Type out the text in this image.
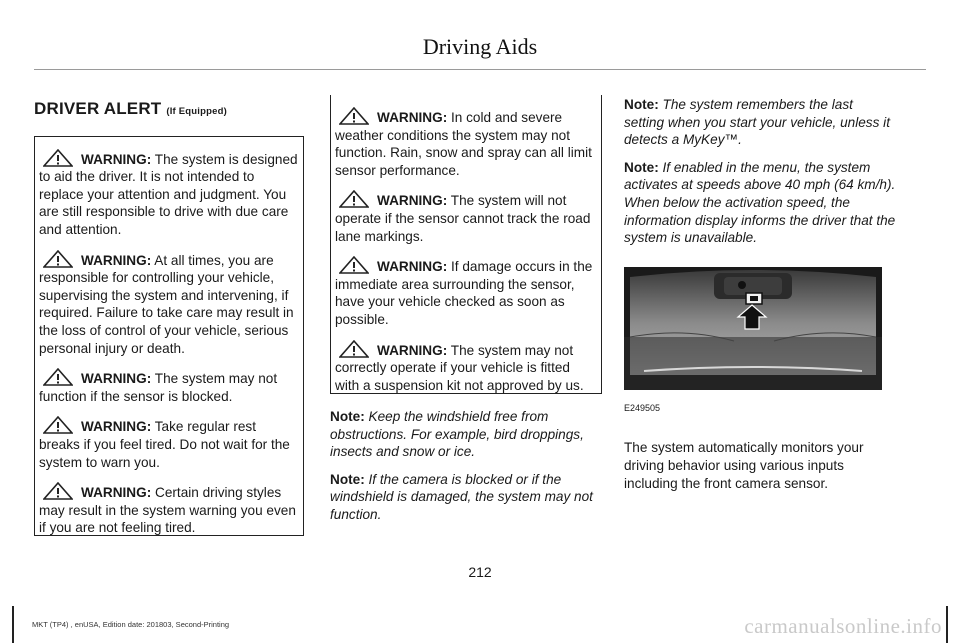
Driving Aids
DRIVER ALERT (If Equipped)

WARNING: The system is designed to aid the driver. It is not intended to replace your attention and judgment. You are still responsible to drive with due care and attention.

WARNING: At all times, you are responsible for controlling your vehicle, supervising the system and intervening, if required. Failure to take care may result in the loss of control of your vehicle, serious personal injury or death.

WARNING: The system may not function if the sensor is blocked.

WARNING: Take regular rest breaks if you feel tired. Do not wait for the system to warn you.

WARNING: Certain driving styles may result in the system warning you even if you are not feeling tired.

WARNING: In cold and severe weather conditions the system may not function. Rain, snow and spray can all limit sensor performance.

WARNING: The system will not operate if the sensor cannot track the road lane markings.

WARNING: If damage occurs in the immediate area surrounding the sensor, have your vehicle checked as soon as possible.

WARNING: The system may not correctly operate if your vehicle is fitted with a suspension kit not approved by us.

Note: Keep the windshield free from obstructions. For example, bird droppings, insects and snow or ice.

Note: If the camera is blocked or if the windshield is damaged, the system may not function.

Note: The system remembers the last setting when you start your vehicle, unless it detects a MyKey™.

Note: If enabled in the menu, the system activates at speeds above 40 mph (64 km/h). When below the activation speed, the information display informs the driver that the system is unavailable.

E249505

The system automatically monitors your driving behavior using various inputs including the front camera sensor.

212
MKT (TP4) , enUSA, Edition date: 201803, Second-Printing	carmanualsonline.info
